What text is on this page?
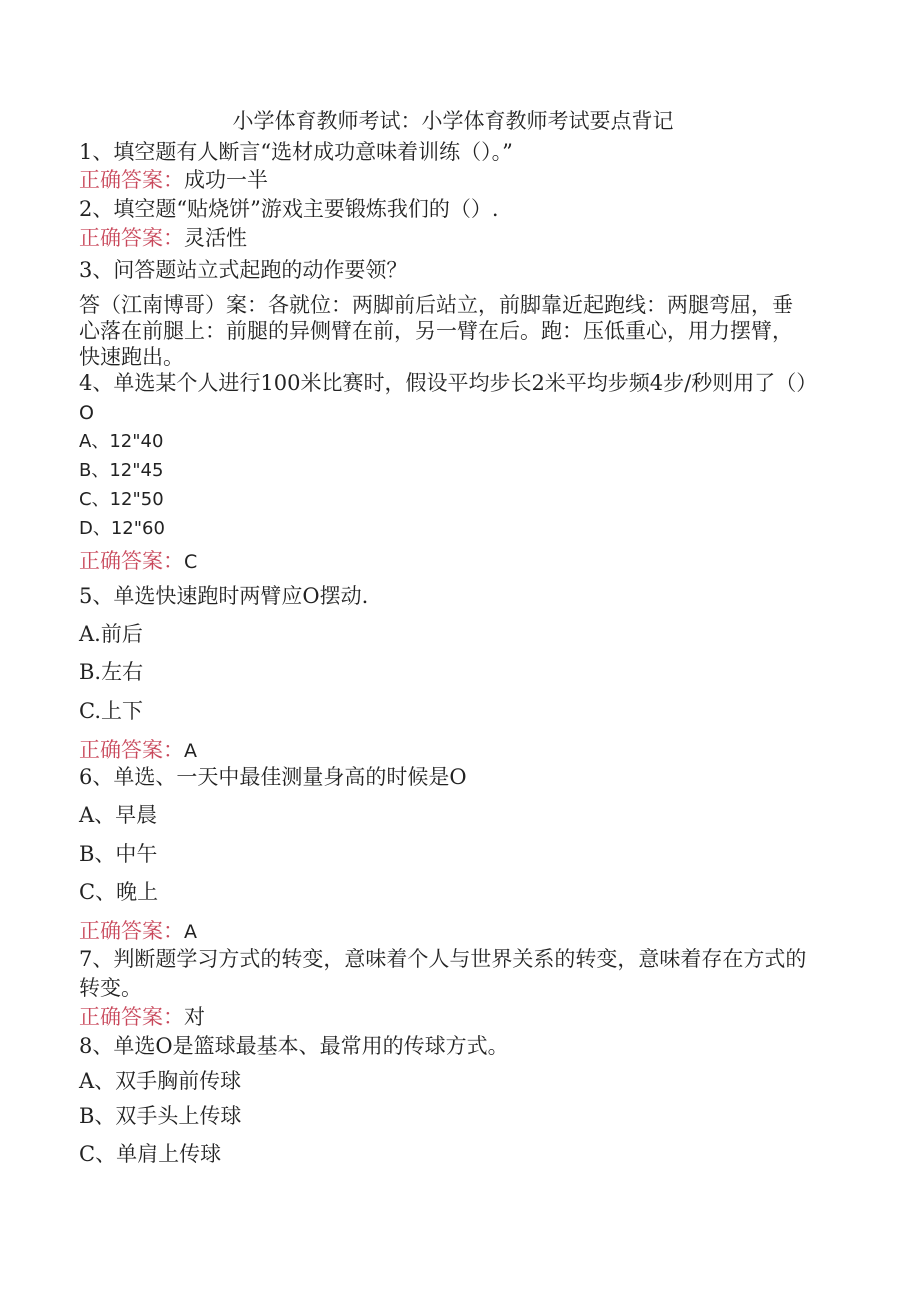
小学体育教师考试：小学体育教师考试要点背记
1、填空题有人断言“选材成功意味着训练（）。”
正确答案：成功一半
2、填空题“贴烧饼”游戏主要锻炼我们的（）.
正确答案：灵活性
3、问答题站立式起跑的动作要领？
答（江南博哥）案：各就位：两脚前后站立，前脚靠近起跑线：两腿弯屈，垂
心落在前腿上：前腿的异侧臂在前，另一臂在后。跑：压低重心，用力摆臂，
快速跑出。
4、单选某个人进行100米比赛时，假设平均步长2米平均步频4步/秒则用了（）
O
A、12"40
B、12"45
C、12"50
D、12"60
正确答案：C
5、单选快速跑时两臂应O摆动.
A.前后
B.左右
C.上下
正确答案：A
6、单选、一天中最佳测量身高的时候是O
A、早晨
B、中午
C、晚上
正确答案：A
7、判断题学习方式的转变，意味着个人与世界关系的转变，意味着存在方式的
转变。
正确答案：对
8、单选O是篮球最基本、最常用的传球方式。
A、双手胸前传球
B、双手头上传球
C、单肩上传球
